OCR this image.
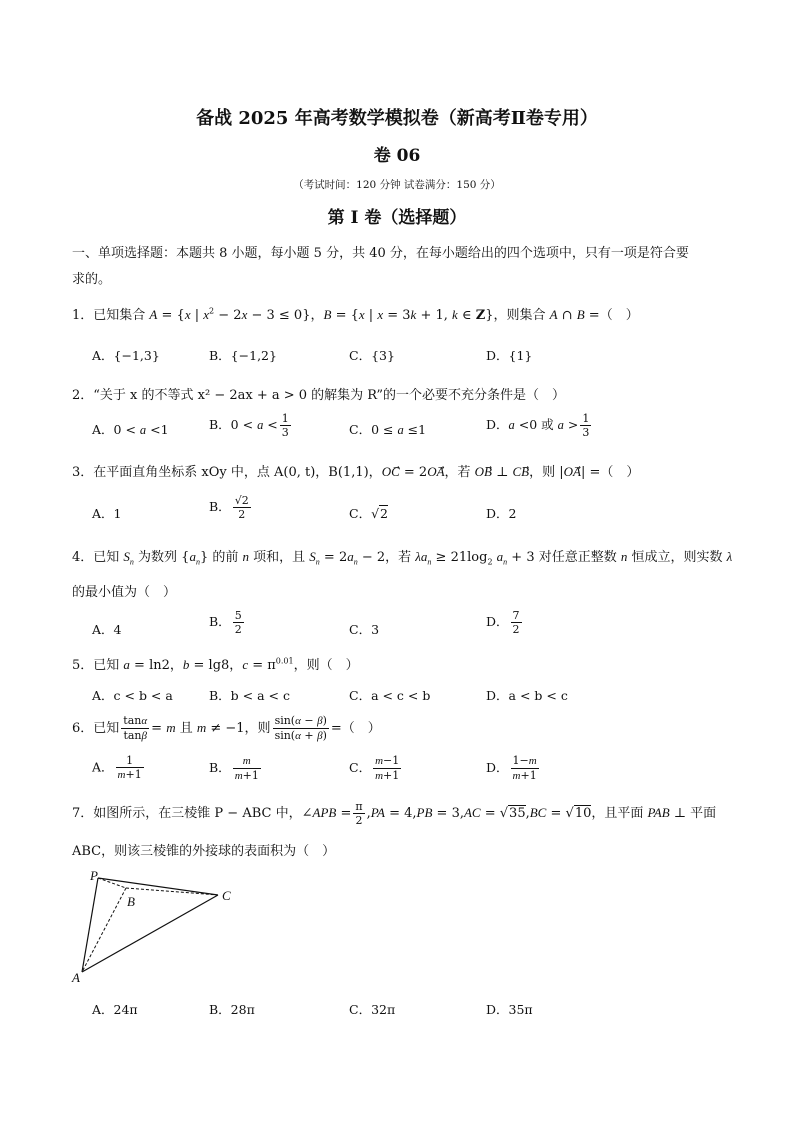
备战 2025 年高考数学模拟卷（新高考Ⅱ卷专用）
卷 06
（考试时间：120 分钟 试卷满分：150 分）
第 I 卷（选择题）
一、单项选择题：本题共 8 小题，每小题 5 分，共 40 分，在每小题给出的四个选项中，只有一项是符合要
求的。
1．已知集合 A = {x | $x^2 - 2x - 3 \le 0$}，B = {x | x = 3k + 1, k ∈ Z}，则集合 A ∩ B =（　）
A．{−1,3}	B．{−1,2}	C．{3}	D．{1}
2．“关于 x 的不等式 x² − 2ax + a > 0 的解集为 R”的一个必要不充分条件是（　）
A．0 < a <1	B．$0 < a < \frac{1}{3}$	C．0 ≤ a ≤1	D．a <0 或 $a > \frac{1}{3}$
3．在平面直角坐标系 xOy 中，点 A(0, t)，B(1,1)，OC⃗ = 2OA⃗，若 OB⃗ ⊥ CB⃗，则 |OA⃗| =（　）
A．1	B． $\frac{√2}{2}$	C．√2	D．2
4．已知 $S_n$ 为数列 $\{a_n\}$ 的前 n 项和，且 $S_n = 2a_n - 2$，若 $\lambda a_n \ge 21\log_2$ $a_n + 3$ 对任意正整数 n 恒成立，则实数 λ
的最小值为（　）
A．4
B． $\frac{5}{2}$	C．3
D． $\frac{7}{2}$
5．已知 a = ln2，b = lg8，$c = \pi^{0.01}$，则（　）
A．c < b < a	B．b < a < c	C．a < c < b	D．a < b < c
6．已知 $\frac{\tan\alpha}{\tan\beta} = m$ 且 m ≠ −1，则 $\frac{\sin(\alpha - \beta)}{\sin(\alpha + \beta)}$ =（　）
A． $\frac{1}{m+1}$	B． $\frac{m}{m+1}$	C． $\frac{m-1}{m+1}$	D． $\frac{1-m}{m+1}$
7．如图所示，在三棱锥 P − ABC 中，∠APB = $\frac{\pi}{2} ,PA = 4,PB = 3,AC = √35,BC = √10$，且平面 PAB ⊥ 平面
ABC，则该三棱锥的外接球的表面积为（　）
P
B	C
A
A．24π	B．28π	C．32π	D．35π
